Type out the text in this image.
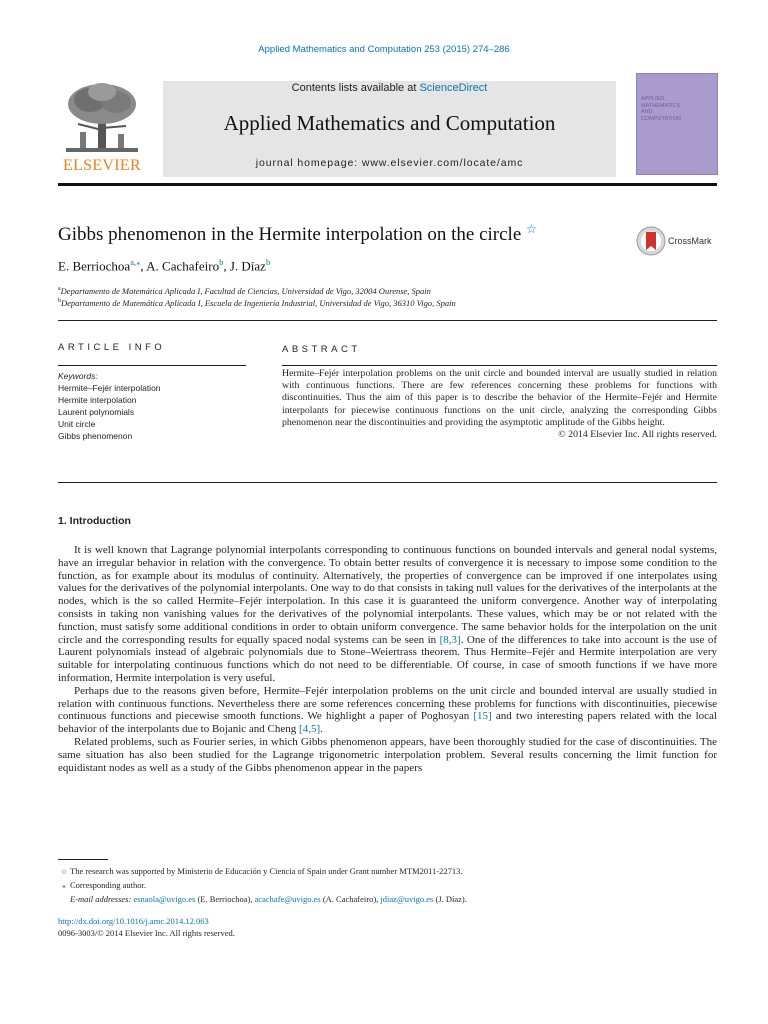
Applied Mathematics and Computation 253 (2015) 274–286
ELSEVIER
Contents lists available at ScienceDirect
Applied Mathematics and Computation
journal homepage: www.elsevier.com/locate/amc
APPLIED
MATHEMATICS
AND
COMPUTATION
Gibbs phenomenon in the Hermite interpolation on the circle ☆
CrossMark
E. Berriochoa$^{a,⁎}$, A. Cachafeiro$^b$, J. Díaz$^b$
$^a$Departamento de Matemática Aplicada I, Facultad de Ciencias, Universidad de Vigo, 32004 Ourense, Spain
$^b$Departamento de Matemática Aplicada I, Escuela de Ingeniería Industrial, Universidad de Vigo, 36310 Vigo, Spain
ARTICLE INFO	ABSTRACT
Keywords:
Hermite–Fejér interpolation
Hermite interpolation
Laurent polynomials
Unit circle
Gibbs phenomenon

Hermite–Fejér interpolation problems on the unit circle and bounded interval are usually studied in relation with continuous functions. There are few references concerning these problems for functions with discontinuities. Thus the aim of this paper is to describe the behavior of the Hermite–Fejér and Hermite interpolants for piecewise continuous functions on the unit circle, analyzing the corresponding Gibbs phenomenon near the discontinuities and providing the asymptotic amplitude of the Gibbs height.

© 2014 Elsevier Inc. All rights reserved.

1. Introduction

It is well known that Lagrange polynomial interpolants corresponding to continuous functions on bounded intervals and general nodal systems, have an irregular behavior in relation with the convergence. To obtain better results of convergence it is necessary to impose some condition to the function, as for example about its modulus of continuity. Alternatively, the properties of convergence can be improved if one interpolates using values for the derivatives of the polynomial interpolants. One way to do that consists in taking null values for the derivatives of the interpolants at the nodes, which is the so called Hermite–Fejér interpolation. In this case it is guaranteed the uniform convergence. Another way of interpolating consists in taking non vanishing values for the derivatives of the polynomial interpolants. These values, which may be or not related with the function, must satisfy some additional conditions in order to obtain uniform convergence. The same behavior holds for the interpolation on the unit circle and the corresponding results for equally spaced nodal systems can be seen in [8,3]. One of the differences to take into account is the use of Laurent polynomials instead of algebraic polynomials due to Stone–Weiertrass theorem. Thus Hermite–Fejér and Hermite interpolation are very suitable for interpolating continuous functions which do not need to be differentiable. Of course, in case of smooth functions if we have more information, Hermite interpolation is very useful.

Perhaps due to the reasons given before, Hermite–Fejér interpolation problems on the unit circle and bounded interval are usually studied in relation with continuous functions. Nevertheless there are some references concerning these problems for functions with discontinuities, piecewise continuous functions and piecewise smooth functions. We highlight a paper of Poghosyan [15] and two interesting papers related with the local behavior of the interpolants due to Bojanic and Cheng [4,5].

Related problems, such as Fourier series, in which Gibbs phenomenon appears, have been thoroughly studied for the case of discontinuities. The same situation has also been studied for the Lagrange trigonometric interpolation problem. Several results concerning the limit function for equidistant nodes as well as a study of the Gibbs phenomenon appear in the papers

☆ The research was supported by Ministerio de Educación y Ciencia of Spain under Grant number MTM2011-22713.
⁎ Corresponding author.
E-mail addresses: esnaola@uvigo.es (E. Berriochoa), acachafe@uvigo.es (A. Cachafeiro), jdiaz@uvigo.es (J. Díaz).
http://dx.doi.org/10.1016/j.amc.2014.12.063
0096-3003/© 2014 Elsevier Inc. All rights reserved.
